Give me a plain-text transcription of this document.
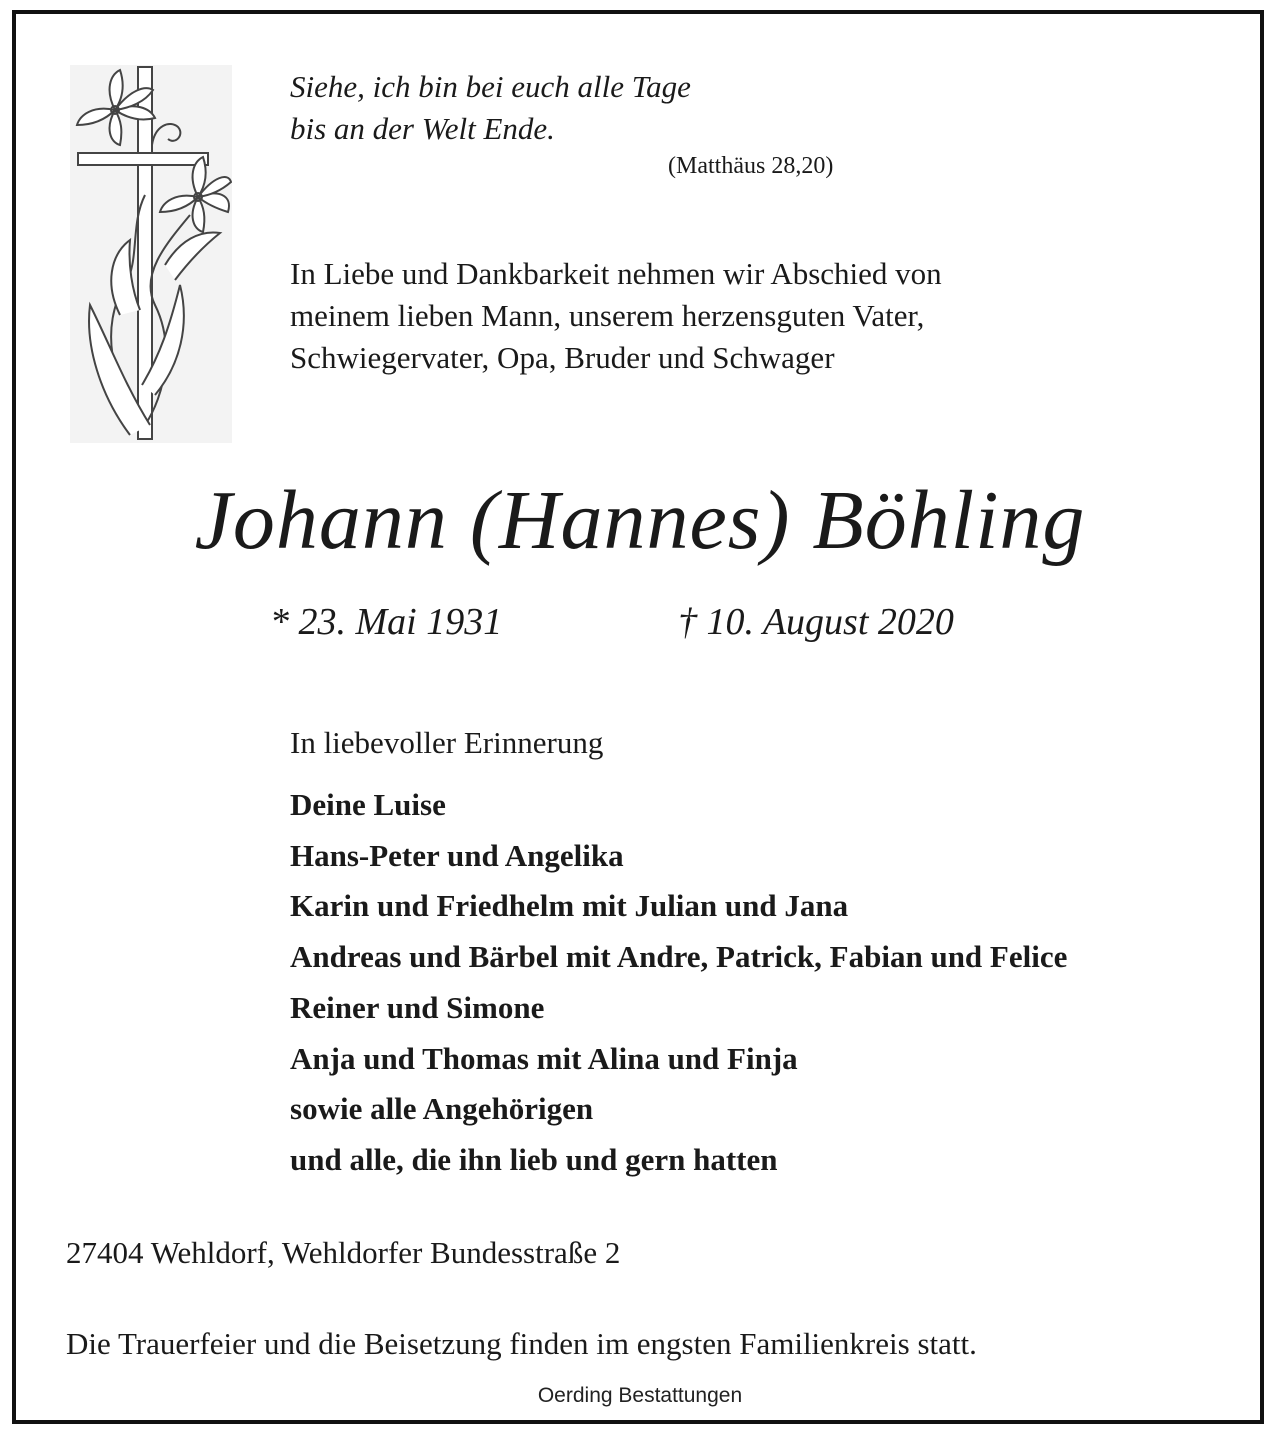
Siehe, ich bin bei euch alle Tage
bis an der Welt Ende.
(Matthäus 28,20)
In Liebe und Dankbarkeit nehmen wir Abschied von
meinem lieben Mann, unserem herzensguten Vater,
Schwiegervater, Opa, Bruder und Schwager
Johann (Hannes) Böhling
* 23. Mai 1931	† 10. August 2020
In liebevoller Erinnerung
Deine Luise
Hans-Peter und Angelika
Karin und Friedhelm mit Julian und Jana
Andreas und Bärbel mit Andre, Patrick, Fabian und Felice
Reiner und Simone
Anja und Thomas mit Alina und Finja
sowie alle Angehörigen
und alle, die ihn lieb und gern hatten
27404 Wehldorf, Wehldorfer Bundesstraße 2
Die Trauerfeier und die Beisetzung finden im engsten Familienkreis statt.
Oerding Bestattungen
